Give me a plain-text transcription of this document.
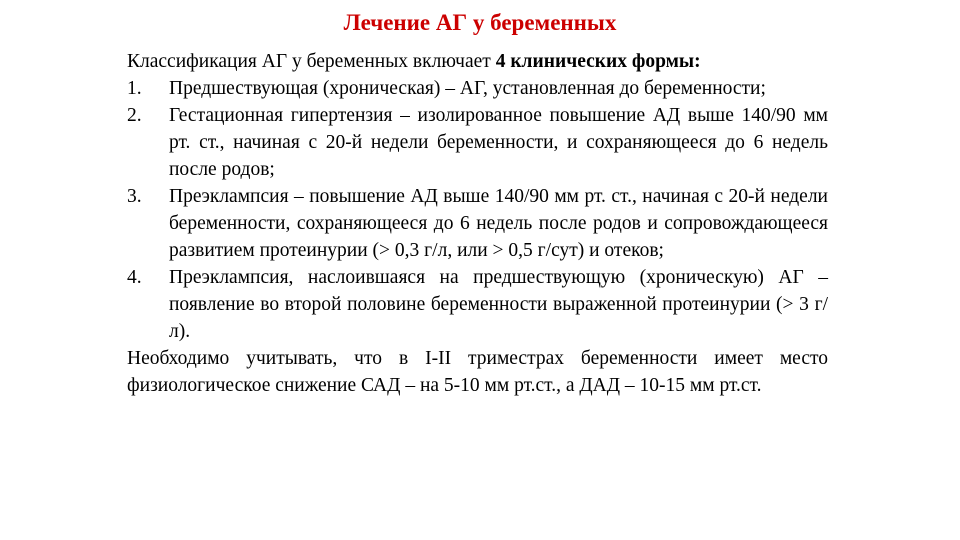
Лечение АГ у беременных

Классификация АГ у беременных включает 4 клинических формы:

1. Предшествующая (хроническая) – АГ, установленная до беременности;
2. Гестационная гипертензия – изолированное повышение АД выше 140/90 мм рт. ст., начиная с 20-й недели беременности, и сохраняющееся до 6 недель после родов;
3. Преэклампсия – повышение АД выше 140/90 мм рт. ст., начиная с 20-й недели беременности, сохраняющееся до 6 недель после родов и сопровождающееся развитием протеинурии (> 0,3 г/л, или > 0,5 г/сут) и отеков;
4. Преэклампсия, наслоившаяся на предшествующую (хроническую) АГ – появление во второй половине беременности выраженной протеинурии (> 3 г/л).

Необходимо учитывать, что в I-II триместрах беременности имеет место физиологическое снижение САД – на 5-10 мм рт.ст., а ДАД – 10-15 мм рт.ст.
